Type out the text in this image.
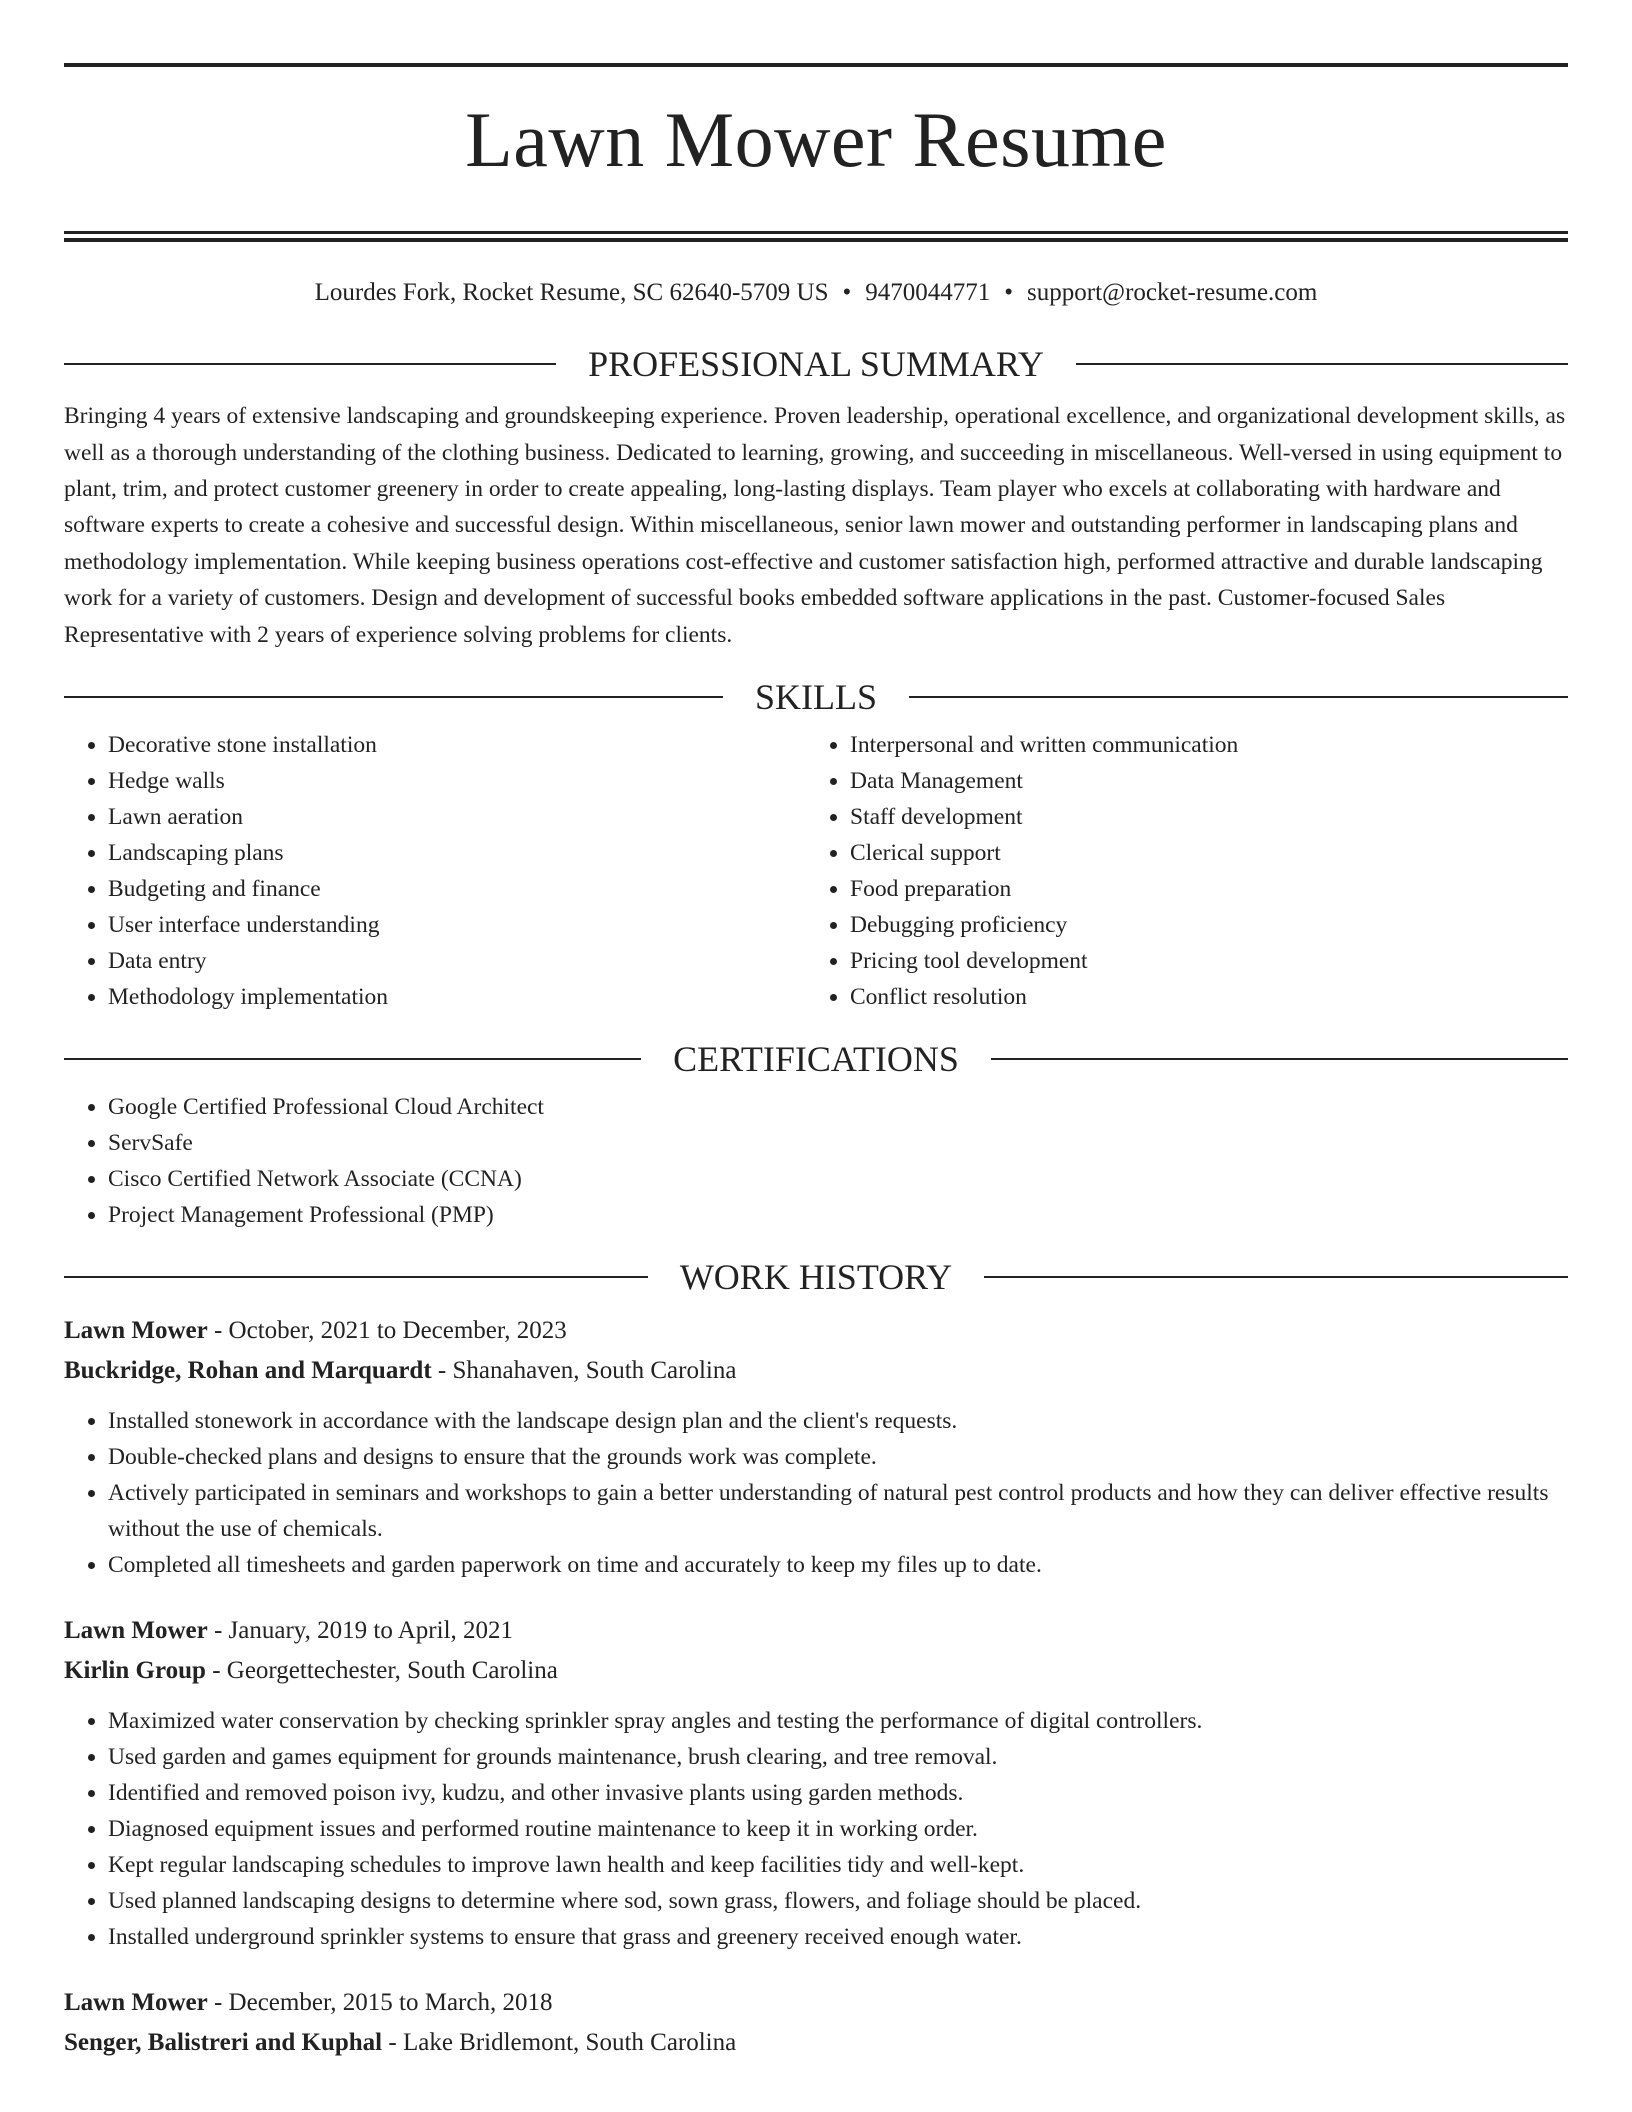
Lawn Mower Resume
Lourdes Fork, Rocket Resume, SC 62640-5709 US • 9470044771 • support@rocket-resume.com
PROFESSIONAL SUMMARY

Bringing 4 years of extensive landscaping and groundskeeping experience. Proven leadership, operational excellence, and organizational development skills, as well as a thorough understanding of the clothing business. Dedicated to learning, growing, and succeeding in miscellaneous. Well-versed in using equipment to plant, trim, and protect customer greenery in order to create appealing, long-lasting displays. Team player who excels at collaborating with hardware and software experts to create a cohesive and successful design. Within miscellaneous, senior lawn mower and outstanding performer in landscaping plans and methodology implementation. While keeping business operations cost-effective and customer satisfaction high, performed attractive and durable landscaping work for a variety of customers. Design and development of successful books embedded software applications in the past. Customer-focused Sales Representative with 2 years of experience solving problems for clients.

SKILLS
• Decorative stone installation
• Hedge walls
• Lawn aeration
• Landscaping plans
• Budgeting and finance
• User interface understanding
• Data entry
• Methodology implementation
• Interpersonal and written communication
• Data Management
• Staff development
• Clerical support
• Food preparation
• Debugging proficiency
• Pricing tool development
• Conflict resolution
CERTIFICATIONS
• Google Certified Professional Cloud Architect
• ServSafe
• Cisco Certified Network Associate (CCNA)
• Project Management Professional (PMP)
WORK HISTORY
Lawn Mower - October, 2021 to December, 2023
Buckridge, Rohan and Marquardt - Shanahaven, South Carolina
• Installed stonework in accordance with the landscape design plan and the client's requests.
• Double-checked plans and designs to ensure that the grounds work was complete.
• Actively participated in seminars and workshops to gain a better understanding of natural pest control products and how they can deliver effective results without the use of chemicals.
• Completed all timesheets and garden paperwork on time and accurately to keep my files up to date.
Lawn Mower - January, 2019 to April, 2021
Kirlin Group - Georgettechester, South Carolina
• Maximized water conservation by checking sprinkler spray angles and testing the performance of digital controllers.
• Used garden and games equipment for grounds maintenance, brush clearing, and tree removal.
• Identified and removed poison ivy, kudzu, and other invasive plants using garden methods.
• Diagnosed equipment issues and performed routine maintenance to keep it in working order.
• Kept regular landscaping schedules to improve lawn health and keep facilities tidy and well-kept.
• Used planned landscaping designs to determine where sod, sown grass, flowers, and foliage should be placed.
• Installed underground sprinkler systems to ensure that grass and greenery received enough water.
Lawn Mower - December, 2015 to March, 2018
Senger, Balistreri and Kuphal - Lake Bridlemont, South Carolina
